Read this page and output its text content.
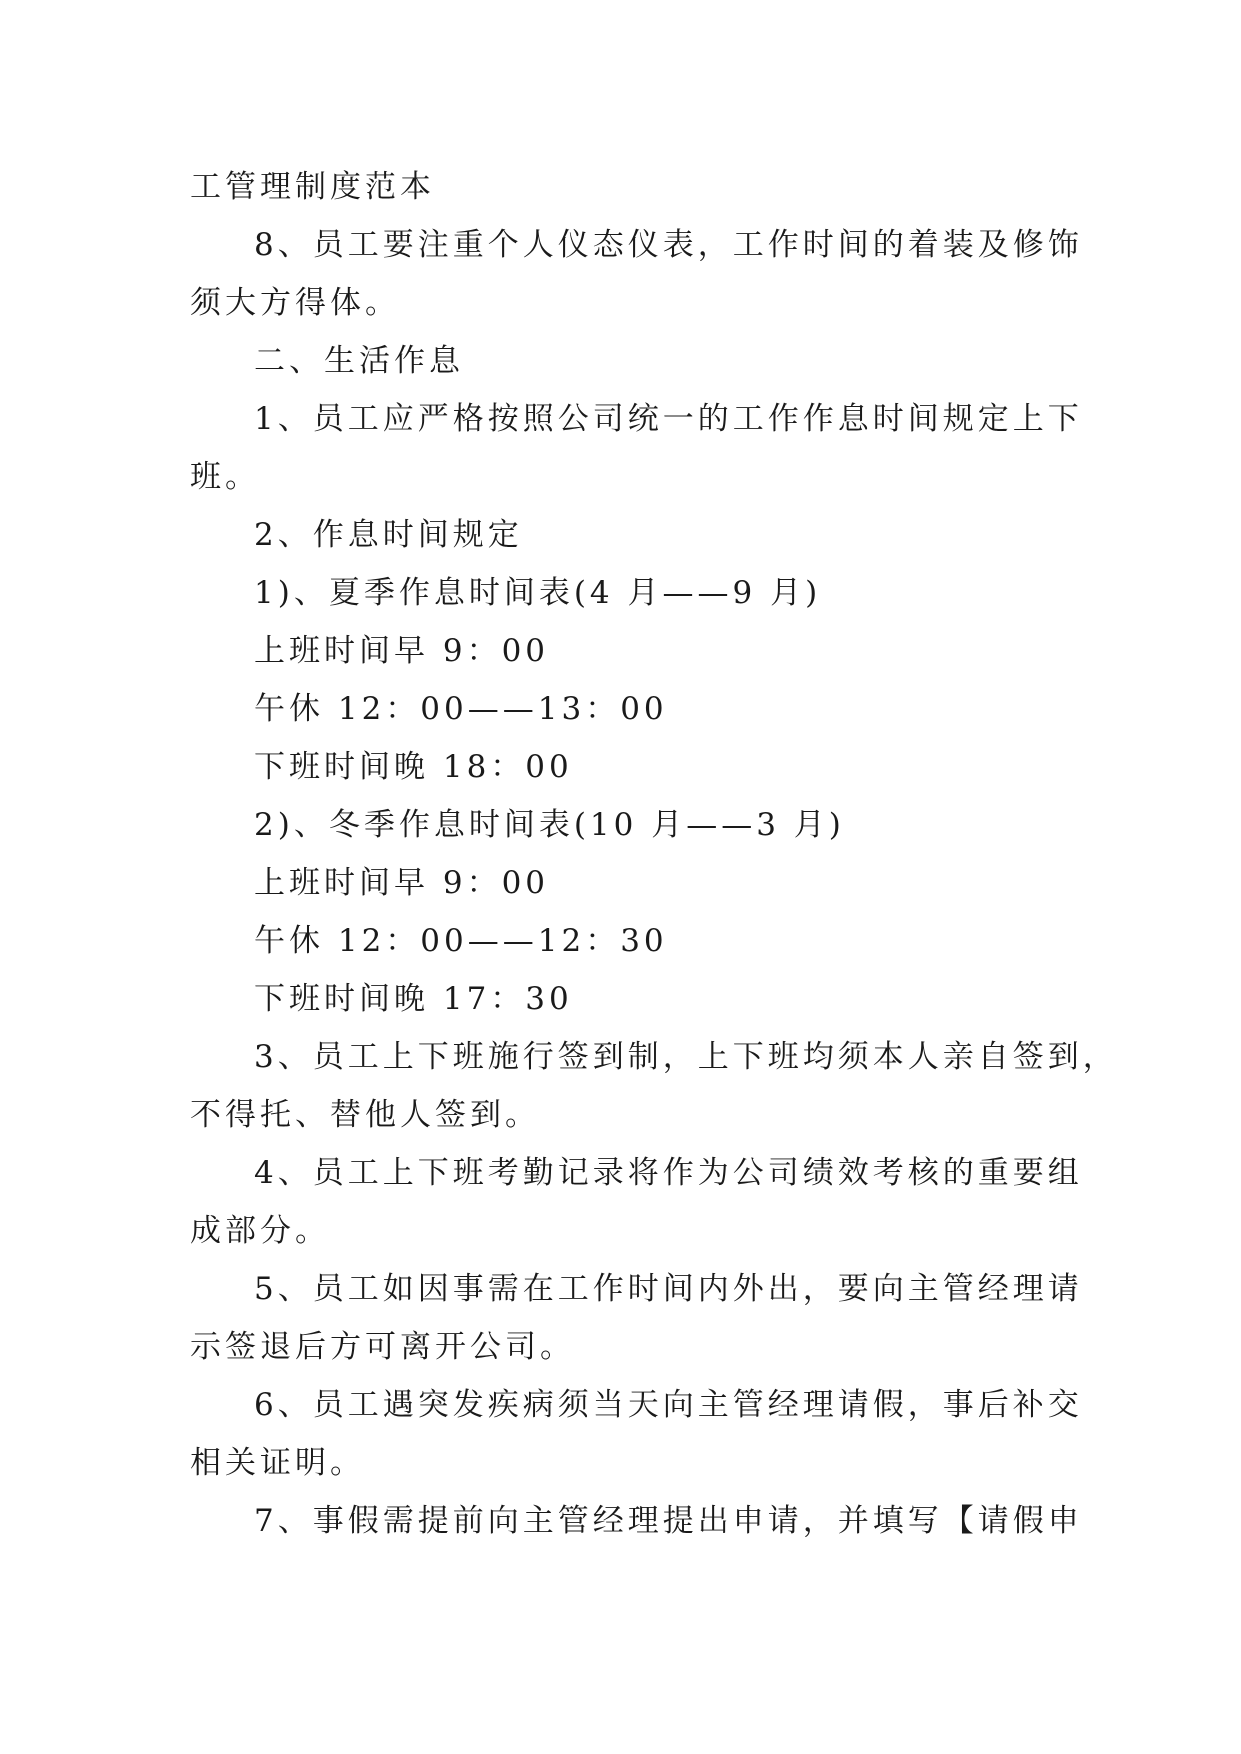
工管理制度范本
8、员工要注重个人仪态仪表，工作时间的着装及修饰
须大方得体。
二、生活作息
1、员工应严格按照公司统一的工作作息时间规定上下
班。
2、作息时间规定
1)、夏季作息时间表(4 月——9 月)
上班时间早 9：00
午休 12：00——13：00
下班时间晚 18：00
2)、冬季作息时间表(10 月——3 月)
上班时间早 9：00
午休 12：00——12：30
下班时间晚 17：30
3、员工上下班施行签到制，上下班均须本人亲自签到，
不得托、替他人签到。
4、员工上下班考勤记录将作为公司绩效考核的重要组
成部分。
5、员工如因事需在工作时间内外出，要向主管经理请
示签退后方可离开公司。
6、员工遇突发疾病须当天向主管经理请假，事后补交
相关证明。
7、事假需提前向主管经理提出申请，并填写【请假申
